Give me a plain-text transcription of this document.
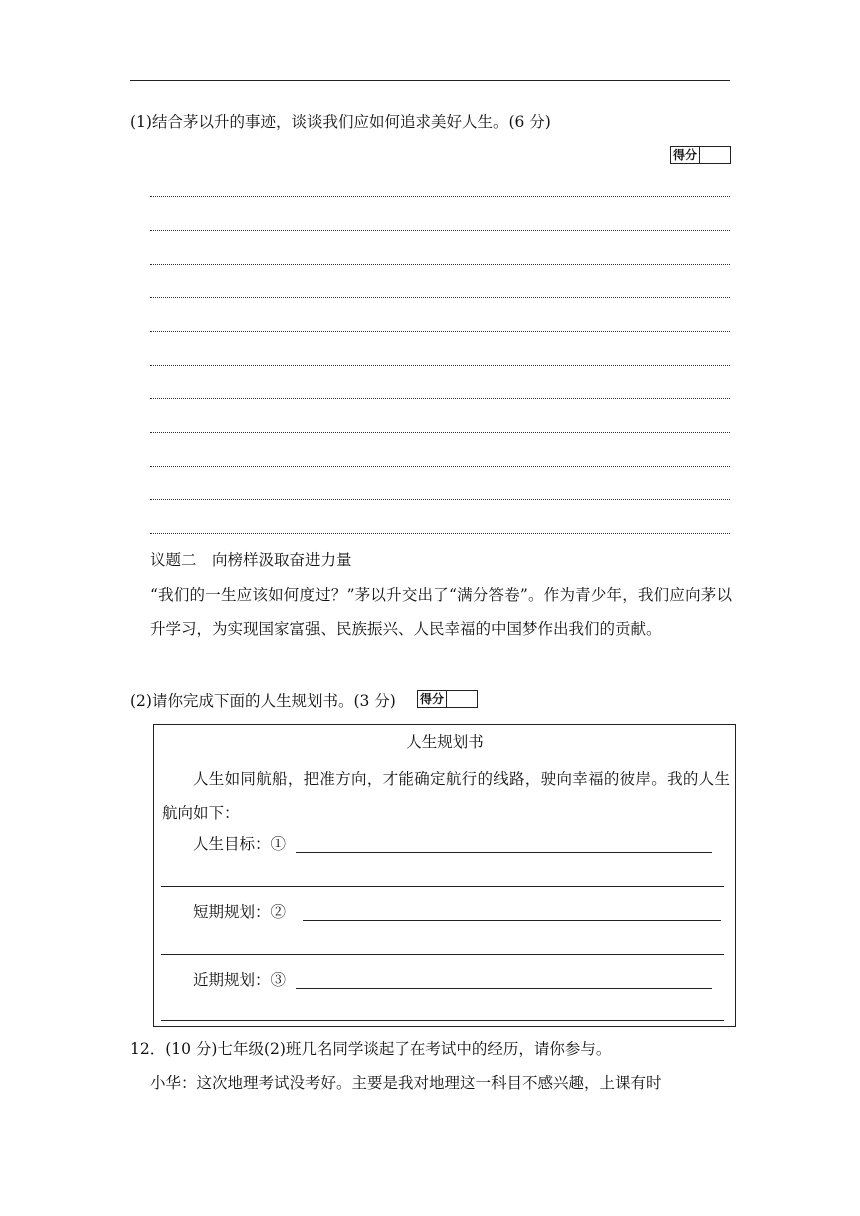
(1)结合茅以升的事迹，谈谈我们应如何追求美好人生。(6 分)
得分
议题二　向榜样汲取奋进力量
“我们的一生应该如何度过？”茅以升交出了“满分答卷”。作为青少年，我们应向茅以升学习，为实现国家富强、民族振兴、人民幸福的中国梦作出我们的贡献。
(2)请你完成下面的人生规划书。(3 分) 得分
人生规划书
人生如同航船，把准方向，才能确定航行的线路，驶向幸福的彼岸。我的人生航向如下：
人生目标：①
短期规划：②
近期规划：③
12．(10 分)七年级(2)班几名同学谈起了在考试中的经历，请你参与。
小华：这次地理考试没考好。主要是我对地理这一科目不感兴趣，上课有时
